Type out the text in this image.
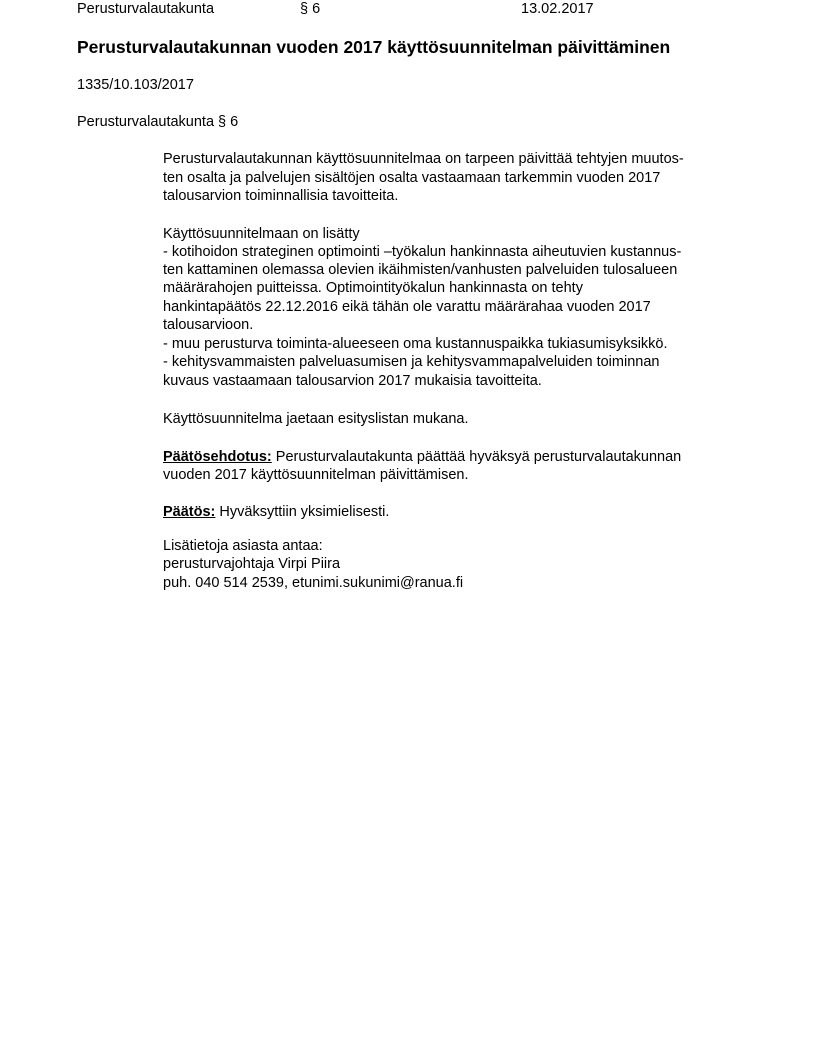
Perusturvalautakunta	§ 6	13.02.2017
Perusturvalautakunnan vuoden 2017 käyttösuunnitelman päivittäminen
1335/10.103/2017
Perusturvalautakunta § 6
Perusturvalautakunnan käyttösuunnitelmaa on tarpeen päivittää tehtyjen muutos-
ten osalta ja palvelujen sisältöjen osalta vastaamaan tarkemmin vuoden 2017
talousarvion toiminnallisia tavoitteita.
Käyttösuunnitelmaan on lisätty
- kotihoidon strateginen optimointi –työkalun hankinnasta aiheutuvien kustannus-
ten kattaminen olemassa olevien ikäihmisten/vanhusten palveluiden tulosalueen
määrärahojen puitteissa. Optimointityökalun hankinnasta on tehty
hankintapäätös 22.12.2016 eikä tähän ole varattu määrärahaa vuoden 2017
talousarvioon.
- muu perusturva toiminta-alueeseen oma kustannuspaikka tukiasumisyksikkö.
- kehitysvammaisten palveluasumisen ja kehitysvammapalveluiden toiminnan
kuvaus vastaamaan talousarvion 2017 mukaisia tavoitteita.
Käyttösuunnitelma jaetaan esityslistan mukana.
Päätösehdotus: Perusturvalautakunta päättää hyväksyä perusturvalautakunnan
vuoden 2017 käyttösuunnitelman päivittämisen.
Päätös: Hyväksyttiin yksimielisesti.
Lisätietoja asiasta antaa:
perusturvajohtaja Virpi Piira
puh. 040 514 2539, etunimi.sukunimi@ranua.fi
